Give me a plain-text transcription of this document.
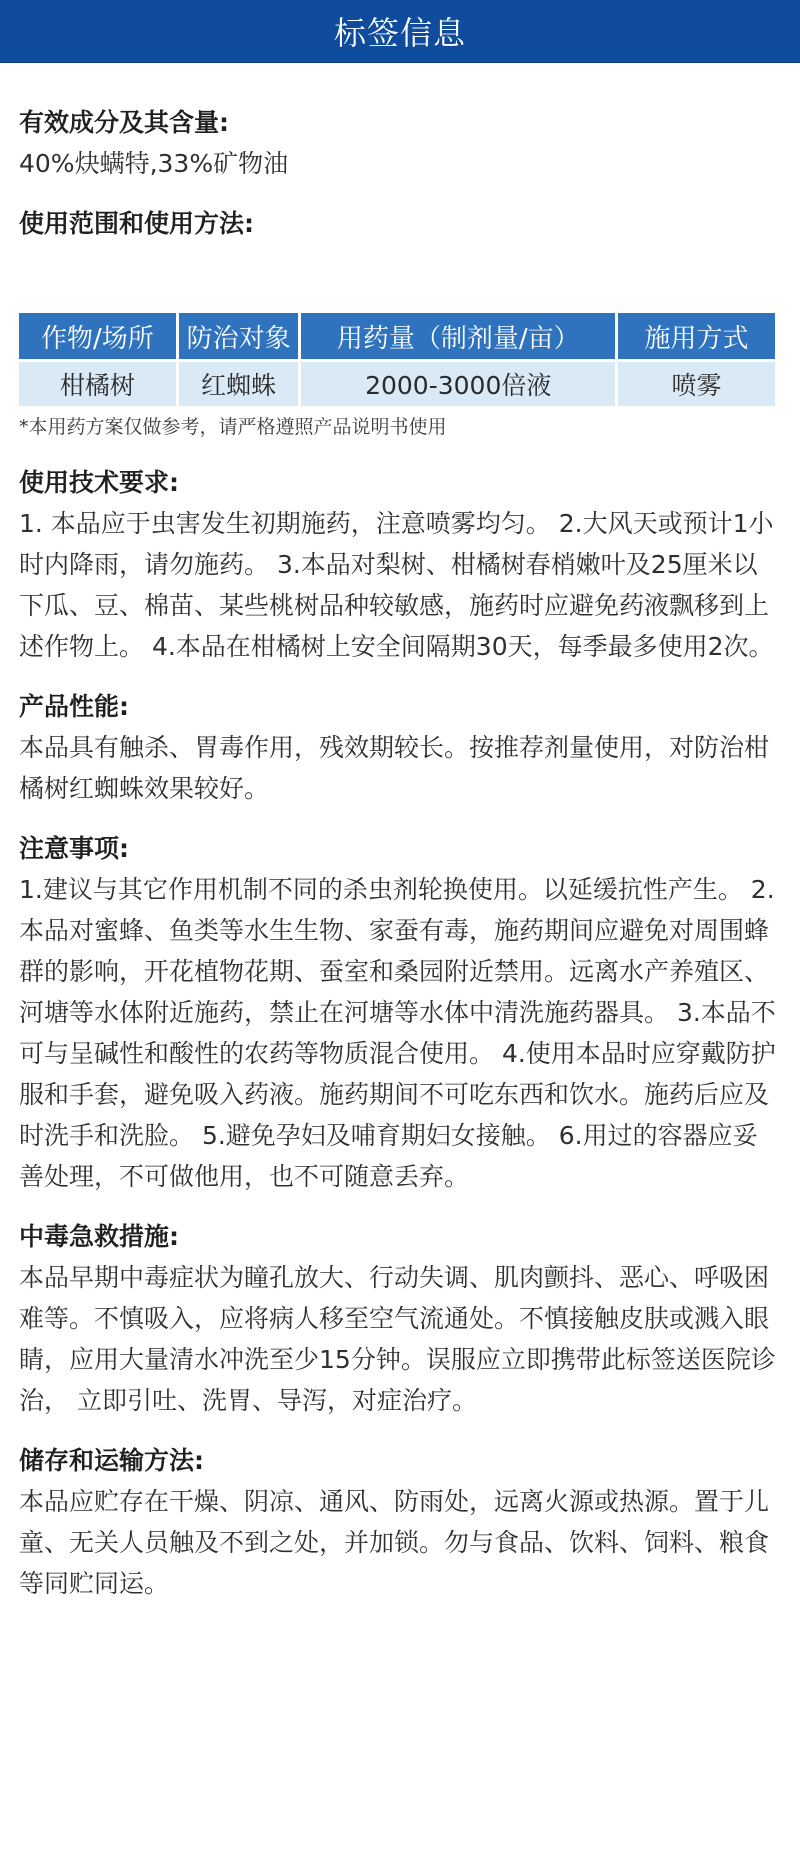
标签信息
有效成分及其含量:
40%炔螨特,33%矿物油
使用范围和使用方法:
作物/场所	防治对象	用药量（制剂量/亩）	施用方式
柑橘树	红蜘蛛	2000-3000倍液	喷雾
*本用药方案仅做参考，请严格遵照产品说明书使用
使用技术要求:
1. 本品应于虫害发生初期施药，注意喷雾均匀。 2.大风天或预计1小时内降雨，请勿施药。 3.本品对梨树、柑橘树春梢嫩叶及25厘米以下瓜、豆、棉苗、某些桃树品种较敏感，施药时应避免药液飘移到上述作物上。 4.本品在柑橘树上安全间隔期30天，每季最多使用2次。
产品性能:
本品具有触杀、胃毒作用，残效期较长。按推荐剂量使用，对防治柑橘树红蜘蛛效果较好。
注意事项:
1.建议与其它作用机制不同的杀虫剂轮换使用。以延缓抗性产生。 2.本品对蜜蜂、鱼类等水生生物、家蚕有毒，施药期间应避免对周围蜂群的影响，开花植物花期、蚕室和桑园附近禁用。远离水产养殖区、河塘等水体附近施药，禁止在河塘等水体中清洗施药器具。 3.本品不可与呈碱性和酸性的农药等物质混合使用。 4.使用本品时应穿戴防护服和手套，避免吸入药液。施药期间不可吃东西和饮水。施药后应及时洗手和洗脸。 5.避免孕妇及哺育期妇女接触。 6.用过的容器应妥善处理，不可做他用，也不可随意丢弃。
中毒急救措施:
本品早期中毒症状为瞳孔放大、行动失调、肌肉颤抖、恶心、呼吸困难等。不慎吸入，应将病人移至空气流通处。不慎接触皮肤或溅入眼睛，应用大量清水冲洗至少15分钟。误服应立即携带此标签送医院诊治， 立即引吐、洗胃、导泻，对症治疗。
储存和运输方法:
本品应贮存在干燥、阴凉、通风、防雨处，远离火源或热源。置于儿童、无关人员触及不到之处，并加锁。勿与食品、饮料、饲料、粮食等同贮同运。
